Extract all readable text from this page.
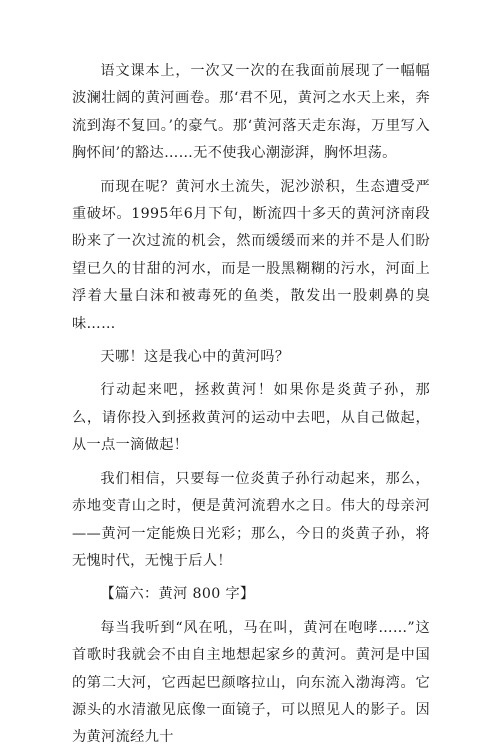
语文课本上，一次又一次的在我面前展现了一幅幅波澜壮阔的黄河画卷。那‘君不见，黄河之水天上来，奔流到海不复回。’的豪气。那‘黄河落天走东海，万里写入胸怀间’的豁达……无不使我心潮澎湃，胸怀坦荡。

而现在呢？黄河水土流失，泥沙淤积，生态遭受严重破坏。1995年6月下旬，断流四十多天的黄河济南段盼来了一次过流的机会，然而缓缓而来的并不是人们盼望已久的甘甜的河水，而是一股黑糊糊的污水，河面上浮着大量白沫和被毒死的鱼类，散发出一股刺鼻的臭味……

天哪！这是我心中的黄河吗？

行动起来吧，拯救黄河！如果你是炎黄子孙，那么，请你投入到拯救黄河的运动中去吧，从自己做起，从一点一滴做起！

我们相信，只要每一位炎黄子孙行动起来，那么，赤地变青山之时，便是黄河流碧水之日。伟大的母亲河——黄河一定能焕日光彩；那么，今日的炎黄子孙，将无愧时代，无愧于后人！

【篇六：黄河 800 字】

每当我听到“风在吼，马在叫，黄河在咆哮……”这首歌时我就会不由自主地想起家乡的黄河。黄河是中国的第二大河，它西起巴颜喀拉山，向东流入渤海湾。它源头的水清澈见底像一面镜子，可以照见人的影子。因为黄河流经九十
